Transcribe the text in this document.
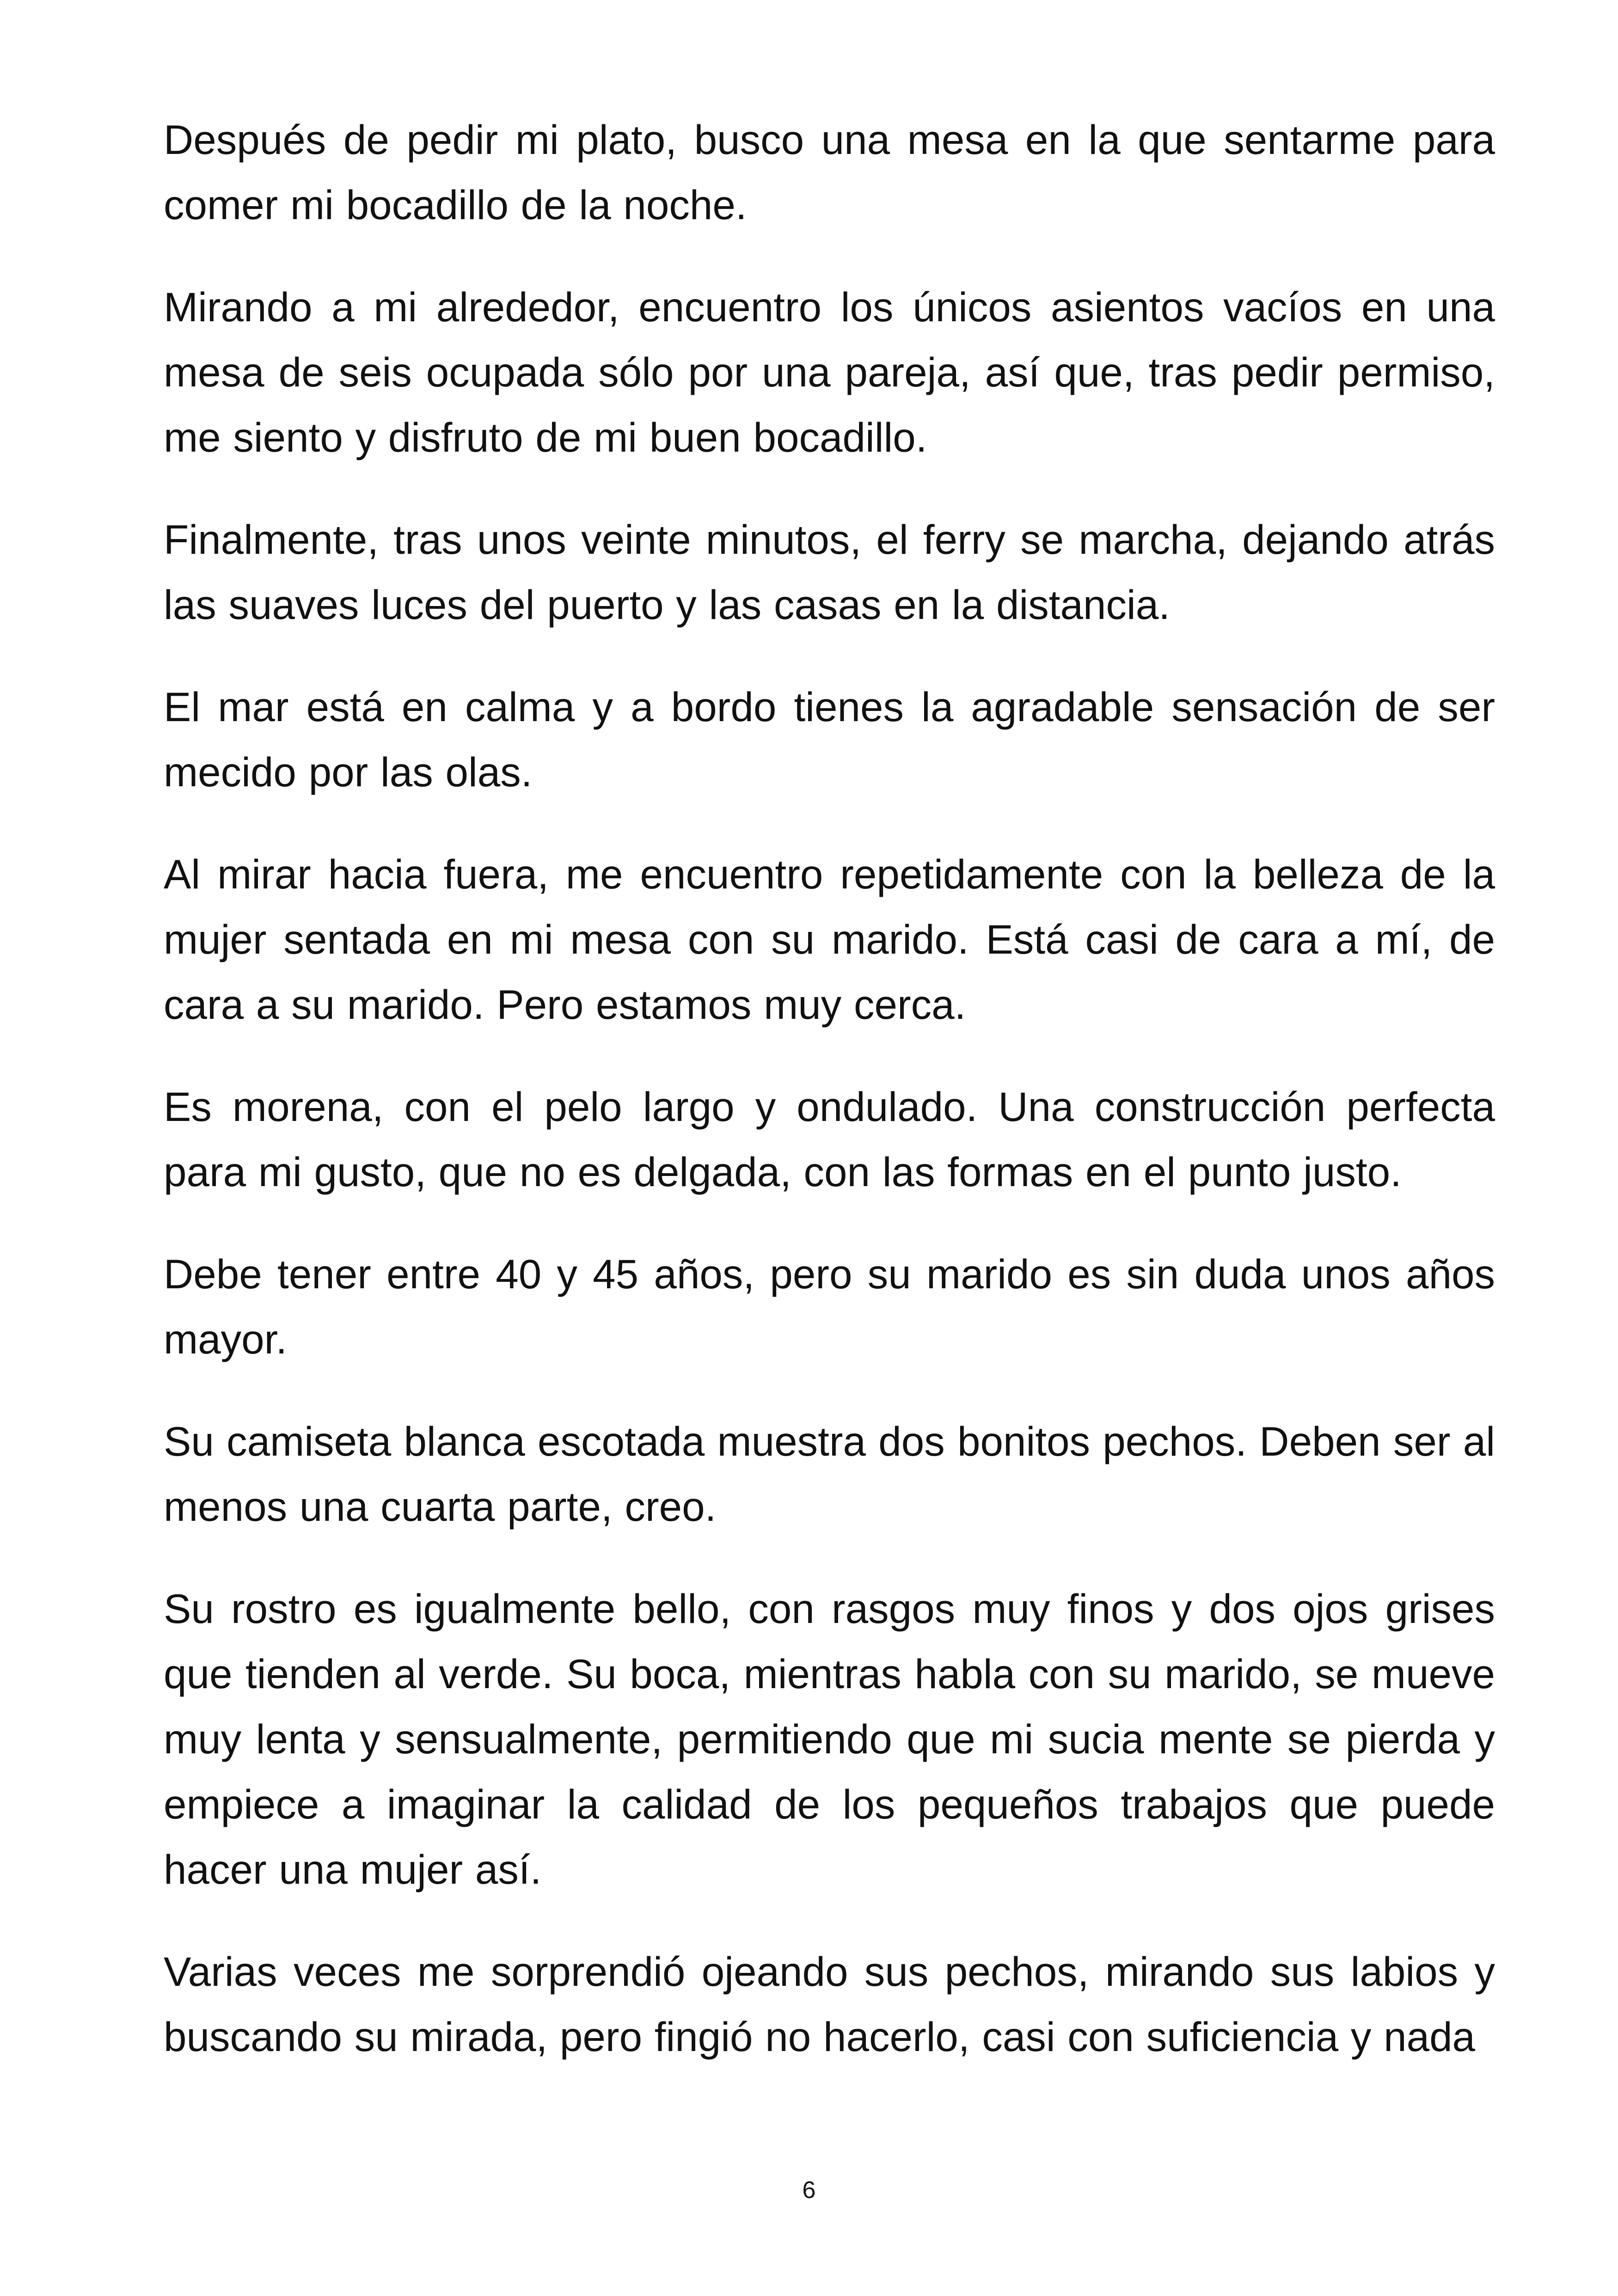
Después de pedir mi plato, busco una mesa en la que sentarme para comer mi bocadillo de la noche.

Mirando a mi alrededor, encuentro los únicos asientos vacíos en una mesa de seis ocupada sólo por una pareja, así que, tras pedir permiso, me siento y disfruto de mi buen bocadillo.

Finalmente, tras unos veinte minutos, el ferry se marcha, dejando atrás las suaves luces del puerto y las casas en la distancia.

El mar está en calma y a bordo tienes la agradable sensación de ser mecido por las olas.

Al mirar hacia fuera, me encuentro repetidamente con la belleza de la mujer sentada en mi mesa con su marido. Está casi de cara a mí, de cara a su marido. Pero estamos muy cerca.

Es morena, con el pelo largo y ondulado. Una construcción perfecta para mi gusto, que no es delgada, con las formas en el punto justo.

Debe tener entre 40 y 45 años, pero su marido es sin duda unos años mayor.

Su camiseta blanca escotada muestra dos bonitos pechos. Deben ser al menos una cuarta parte, creo.

Su rostro es igualmente bello, con rasgos muy finos y dos ojos grises que tienden al verde. Su boca, mientras habla con su marido, se mueve muy lenta y sensualmente, permitiendo que mi sucia mente se pierda y empiece a imaginar la calidad de los pequeños trabajos que puede hacer una mujer así.

Varias veces me sorprendió ojeando sus pechos, mirando sus labios y buscando su mirada, pero fingió no hacerlo, casi con suficiencia y nada

6
